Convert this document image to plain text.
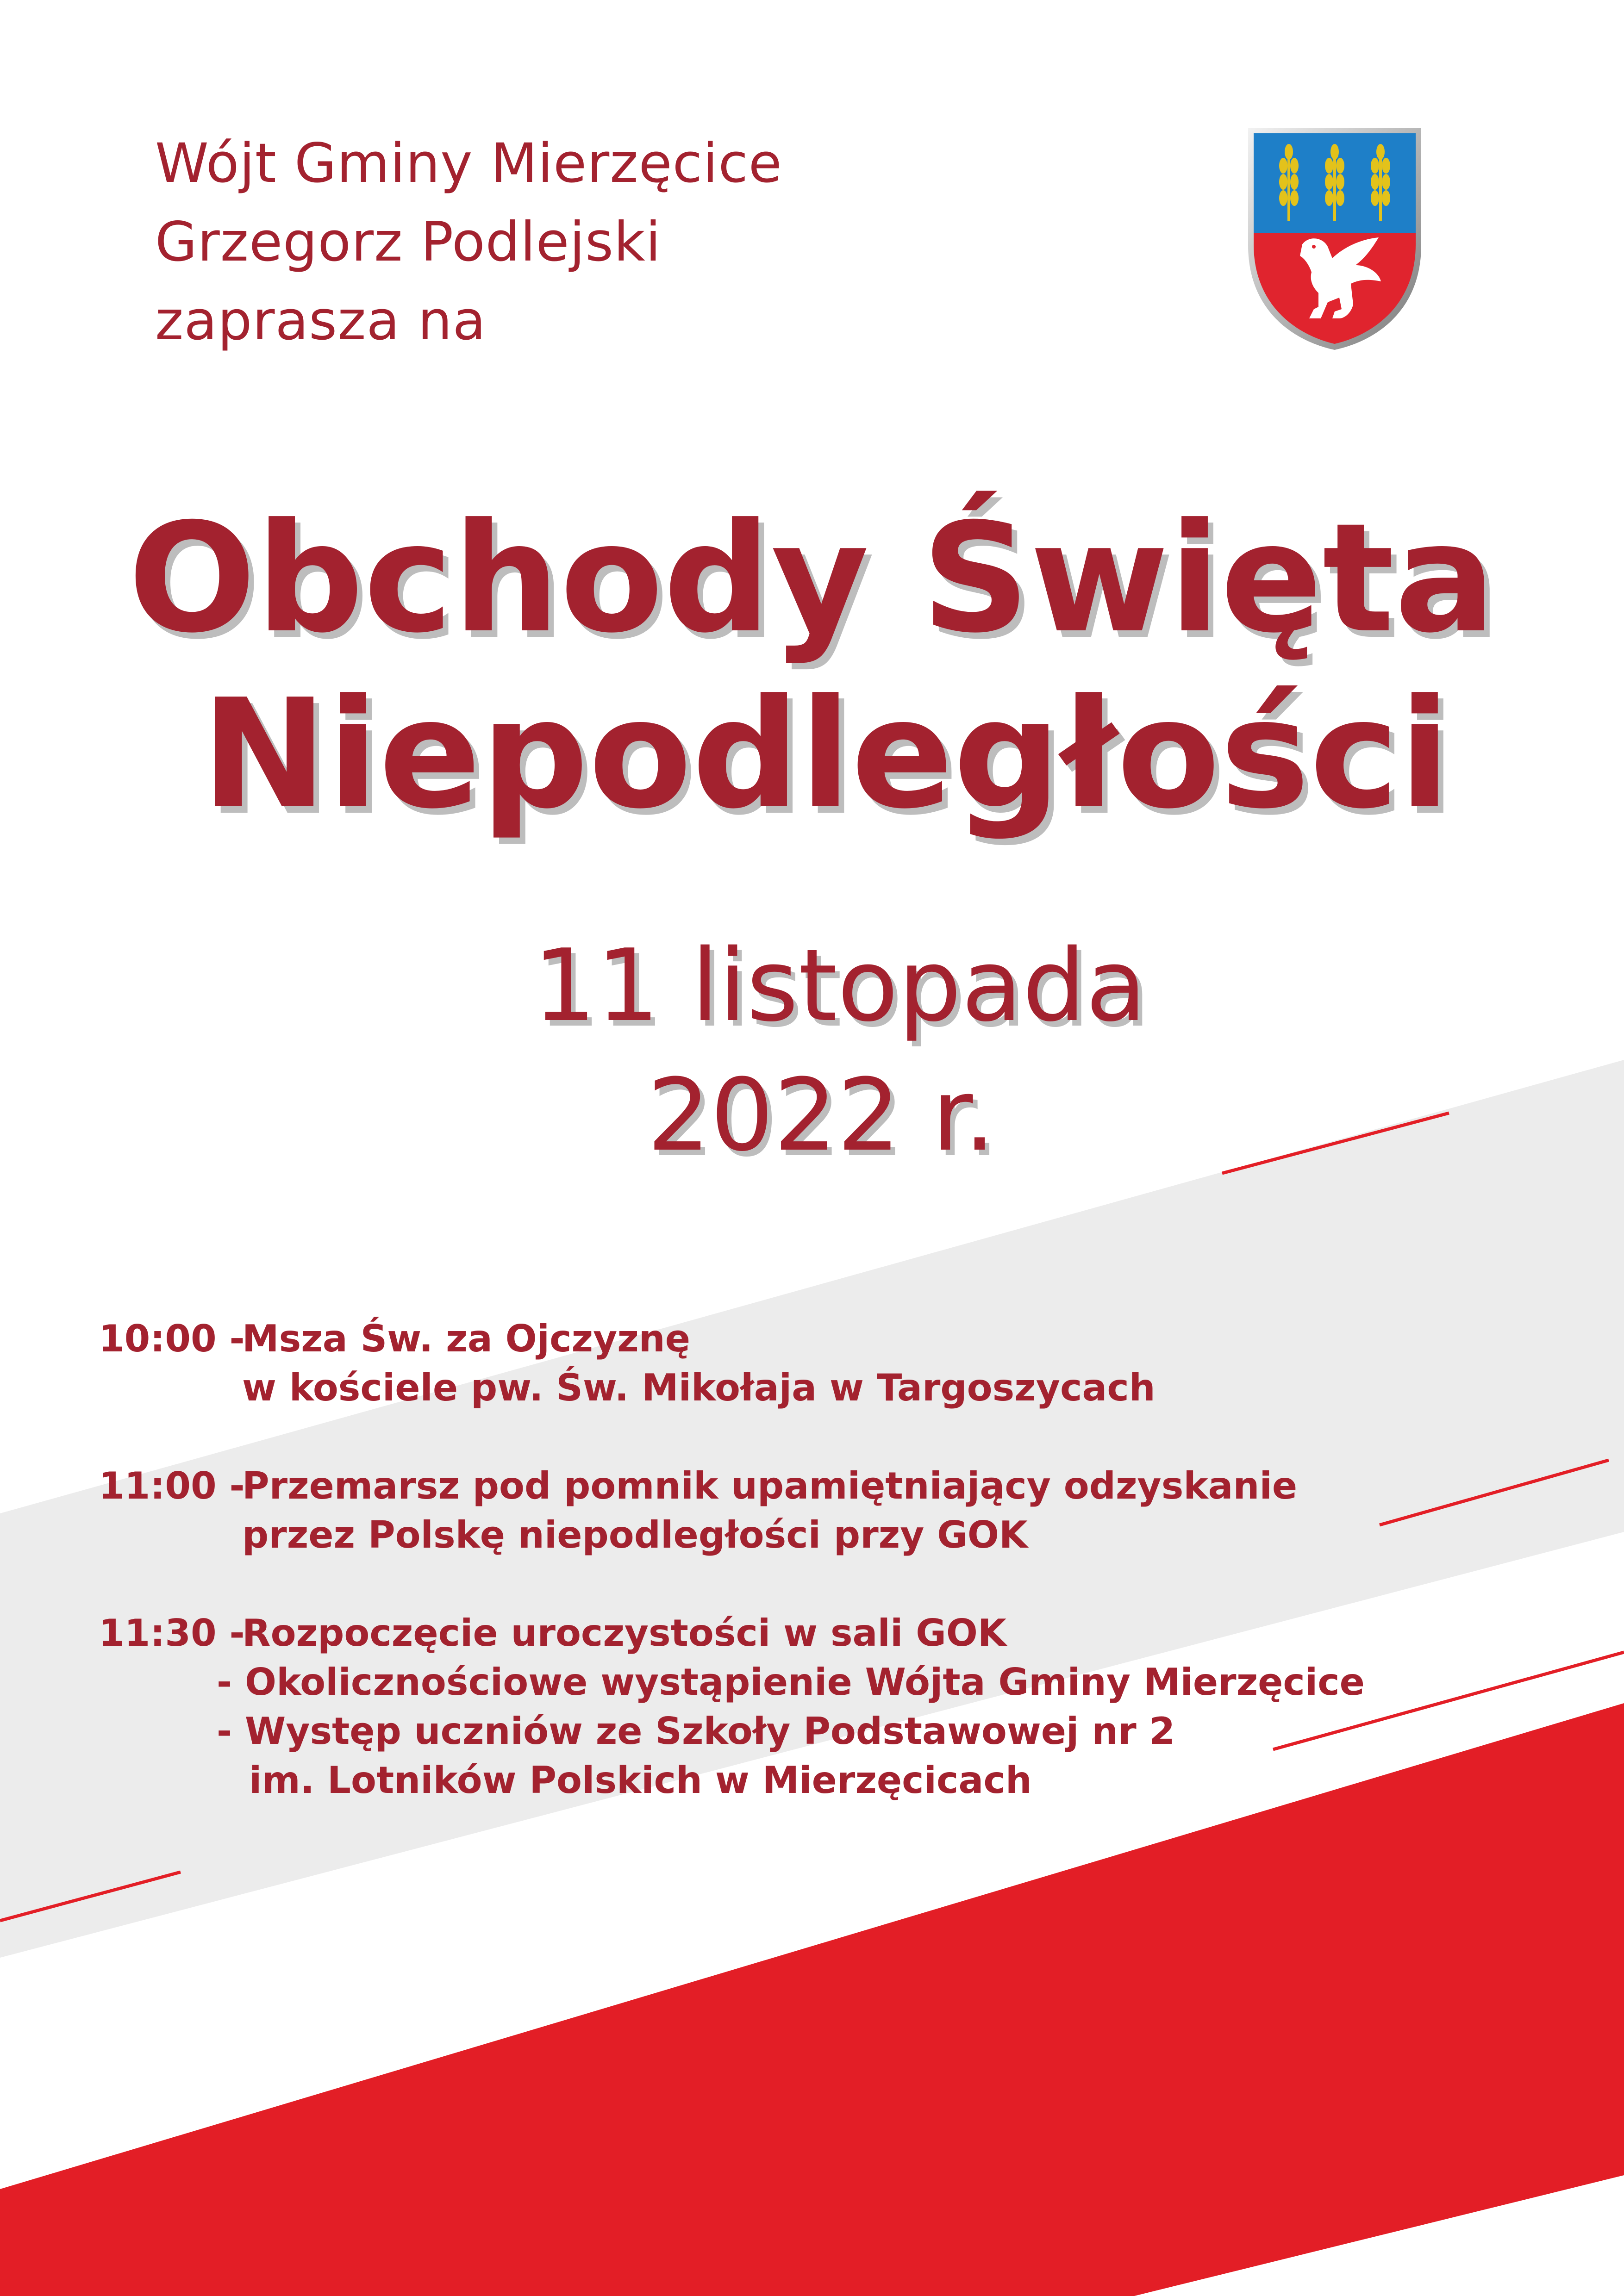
Wójt Gminy Mierzęcice
Grzegorz Podlejski
zaprasza na
Obchody Święta
Niepodległości
11 listopada
2022 r.
10:00 -Msza Św. za Ojczyznę
w kościele pw. Św. Mikołaja w Targoszycach
11:00 -Przemarsz pod pomnik upamiętniający odzyskanie
przez Polskę niepodległości przy GOK
11:30 -Rozpoczęcie uroczystości w sali GOK
- Okolicznościowe wystąpienie Wójta Gminy Mierzęcice
- Występ uczniów ze Szkoły Podstawowej nr 2
im. Lotników Polskich w Mierzęcicach
